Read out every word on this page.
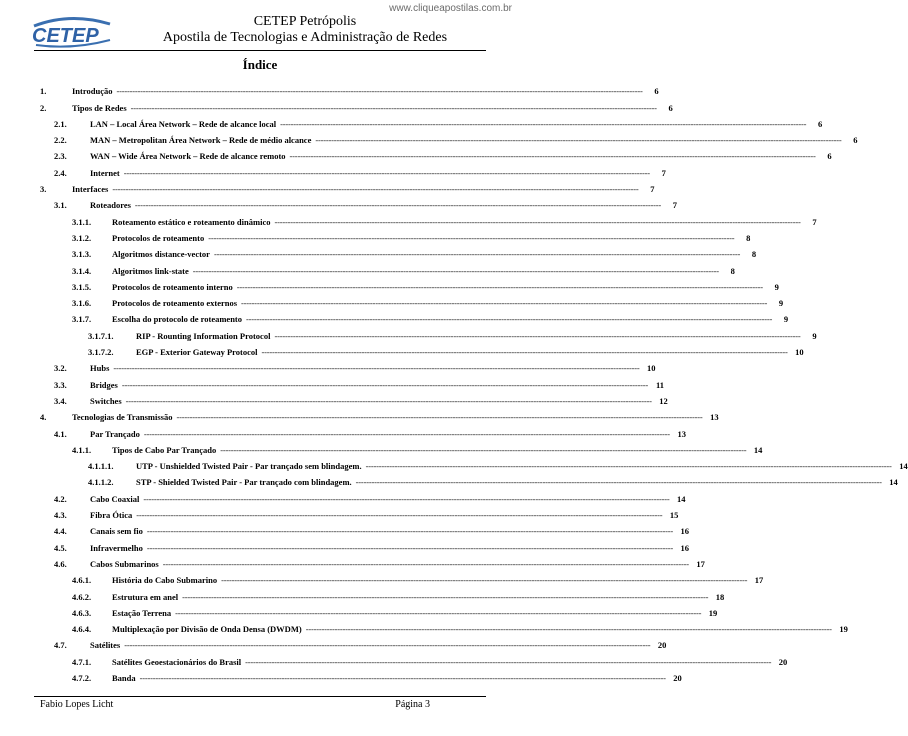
www.cliqueapostilas.com.br
CETEP
CETEP Petrópolis
Apostila de Tecnologias e Administração de Redes
Índice
1.	Introdução --------------------------------------------------------------------------------------------------------------------------------------------------------------------------------------------------------	6
2.	Tipos de Redes --------------------------------------------------------------------------------------------------------------------------------------------------------------------------------------------------------	6
2.1.	LAN – Local Área Network – Rede de alcance local --------------------------------------------------------------------------------------------------------------------------------------------------------------------------------------------------------	6
2.2.	MAN – Metropolitan Área Network – Rede de médio alcance --------------------------------------------------------------------------------------------------------------------------------------------------------------------------------------------------------	6
2.3.	WAN – Wide Área Network – Rede de alcance remoto --------------------------------------------------------------------------------------------------------------------------------------------------------------------------------------------------------	6
2.4.	Internet --------------------------------------------------------------------------------------------------------------------------------------------------------------------------------------------------------	7
3.	Interfaces --------------------------------------------------------------------------------------------------------------------------------------------------------------------------------------------------------	7
3.1.	Roteadores --------------------------------------------------------------------------------------------------------------------------------------------------------------------------------------------------------	7
3.1.1.	Roteamento estático e roteamento dinâmico --------------------------------------------------------------------------------------------------------------------------------------------------------------------------------------------------------	7
3.1.2.	Protocolos de roteamento --------------------------------------------------------------------------------------------------------------------------------------------------------------------------------------------------------	8
3.1.3.	Algoritmos distance-vector --------------------------------------------------------------------------------------------------------------------------------------------------------------------------------------------------------	8
3.1.4.	Algoritmos link-state --------------------------------------------------------------------------------------------------------------------------------------------------------------------------------------------------------	8
3.1.5.	Protocolos de roteamento interno --------------------------------------------------------------------------------------------------------------------------------------------------------------------------------------------------------	9
3.1.6.	Protocolos de roteamento externos --------------------------------------------------------------------------------------------------------------------------------------------------------------------------------------------------------	9
3.1.7.	Escolha do protocolo de roteamento --------------------------------------------------------------------------------------------------------------------------------------------------------------------------------------------------------	9
3.1.7.1.	RIP - Rounting Information Protocol --------------------------------------------------------------------------------------------------------------------------------------------------------------------------------------------------------	9
3.1.7.2.	EGP - Exterior Gateway Protocol -------------------------------------------------------------------------------------------------------------------------------------------------------------------------------------------------------- 10
3.2.	Hubs -------------------------------------------------------------------------------------------------------------------------------------------------------------------------------------------------------- 10
3.3.	Bridges -------------------------------------------------------------------------------------------------------------------------------------------------------------------------------------------------------- 11
3.4.	Switches -------------------------------------------------------------------------------------------------------------------------------------------------------------------------------------------------------- 12
4.	Tecnologias de Transmissão -------------------------------------------------------------------------------------------------------------------------------------------------------------------------------------------------------- 13
4.1.	Par Trançado -------------------------------------------------------------------------------------------------------------------------------------------------------------------------------------------------------- 13
4.1.1.	Tipos de Cabo Par Trançado -------------------------------------------------------------------------------------------------------------------------------------------------------------------------------------------------------- 14
4.1.1.1.	UTP - Unshielded Twisted Pair - Par trançado sem blindagem. -------------------------------------------------------------------------------------------------------------------------------------------------------------------------------------------------------- 14
4.1.1.2.	STP - Shielded Twisted Pair - Par trançado com blindagem. -------------------------------------------------------------------------------------------------------------------------------------------------------------------------------------------------------- 14
4.2.	Cabo Coaxial -------------------------------------------------------------------------------------------------------------------------------------------------------------------------------------------------------- 14
4.3.	Fibra Ótica -------------------------------------------------------------------------------------------------------------------------------------------------------------------------------------------------------- 15
4.4.	Canais sem fio -------------------------------------------------------------------------------------------------------------------------------------------------------------------------------------------------------- 16
4.5.	Infravermelho -------------------------------------------------------------------------------------------------------------------------------------------------------------------------------------------------------- 16
4.6.	Cabos Submarinos -------------------------------------------------------------------------------------------------------------------------------------------------------------------------------------------------------- 17
4.6.1.	História do Cabo Submarino -------------------------------------------------------------------------------------------------------------------------------------------------------------------------------------------------------- 17
4.6.2.	Estrutura em anel -------------------------------------------------------------------------------------------------------------------------------------------------------------------------------------------------------- 18
4.6.3.	Estação Terrena -------------------------------------------------------------------------------------------------------------------------------------------------------------------------------------------------------- 19
4.6.4.	Multiplexação por Divisão de Onda Densa (DWDM) -------------------------------------------------------------------------------------------------------------------------------------------------------------------------------------------------------- 19
4.7.	Satélites -------------------------------------------------------------------------------------------------------------------------------------------------------------------------------------------------------- 20
4.7.1.	Satélites Geoestacionários do Brasil -------------------------------------------------------------------------------------------------------------------------------------------------------------------------------------------------------- 20
4.7.2.	Banda -------------------------------------------------------------------------------------------------------------------------------------------------------------------------------------------------------- 20
Fabio Lopes Licht	Página 3
